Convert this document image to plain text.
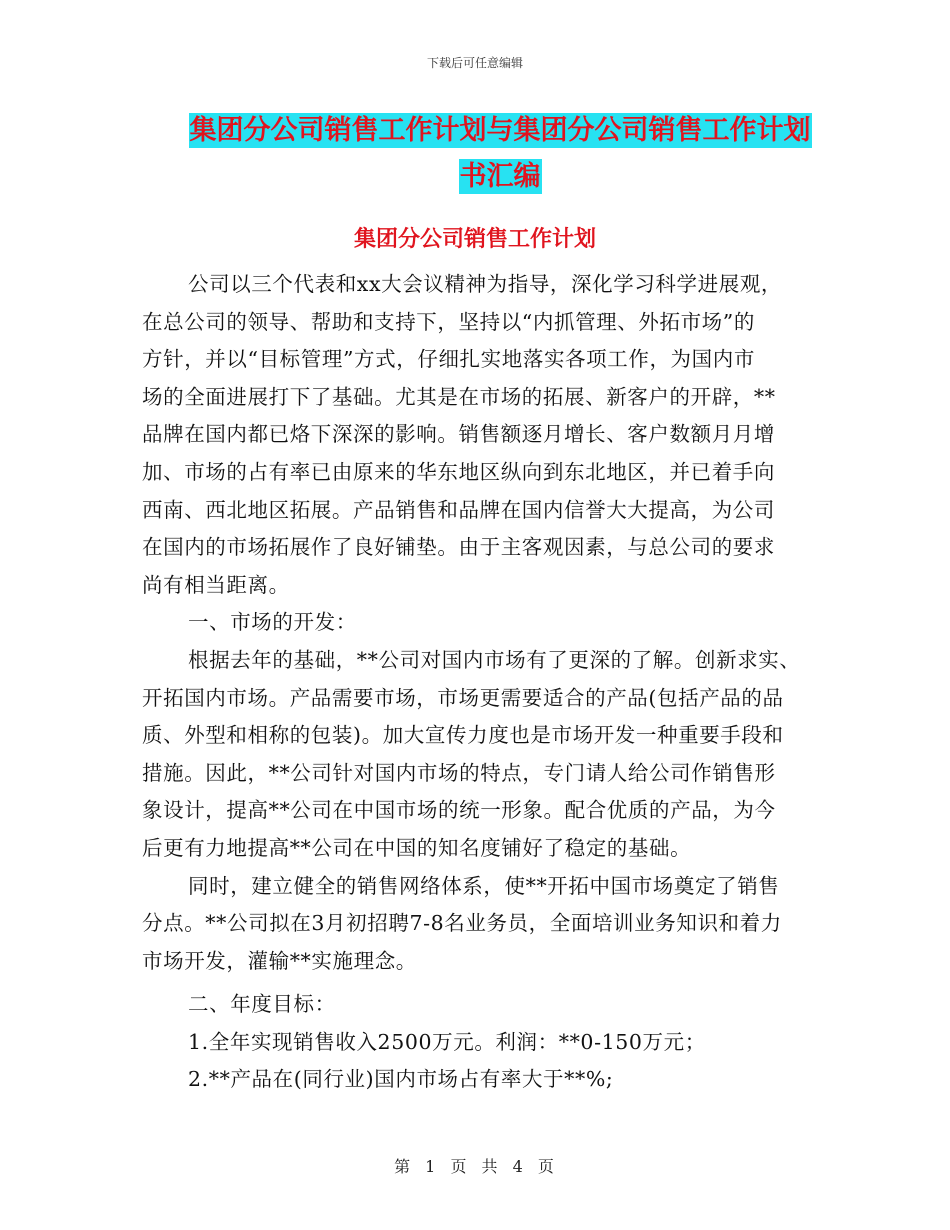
下载后可任意编辑
集团分公司销售工作计划与集团分公司销售工作计划
书汇编
集团分公司销售工作计划

公司以三个代表和xx大会议精神为指导，深化学习科学进展观，

在总公司的领导、帮助和支持下，坚持以“内抓管理、外拓市场”的

方针，并以“目标管理”方式，仔细扎实地落实各项工作，为国内市

场的全面进展打下了基础。尤其是在市场的拓展、新客户的开辟，**

品牌在国内都已烙下深深的影响。销售额逐月增长、客户数额月月增

加、市场的占有率已由原来的华东地区纵向到东北地区，并已着手向

西南、西北地区拓展。产品销售和品牌在国内信誉大大提高，为公司

在国内的市场拓展作了良好铺垫。由于主客观因素，与总公司的要求

尚有相当距离。

一、市场的开发：

根据去年的基础，**公司对国内市场有了更深的了解。创新求实、

开拓国内市场。产品需要市场，市场更需要适合的产品(包括产品的品

质、外型和相称的包装)。加大宣传力度也是市场开发一种重要手段和

措施。因此，**公司针对国内市场的特点，专门请人给公司作销售形

象设计，提高**公司在中国市场的统一形象。配合优质的产品，为今

后更有力地提高**公司在中国的知名度铺好了稳定的基础。

同时，建立健全的销售网络体系，使**开拓中国市场奠定了销售

分点。**公司拟在3月初招聘7-8名业务员，全面培训业务知识和着力

市场开发，灌输**实施理念。

二、年度目标：

1.全年实现销售收入2500万元。利润：**0-150万元；

2.**产品在(同行业)国内市场占有率大于**%;

第 1 页 共 4 页
